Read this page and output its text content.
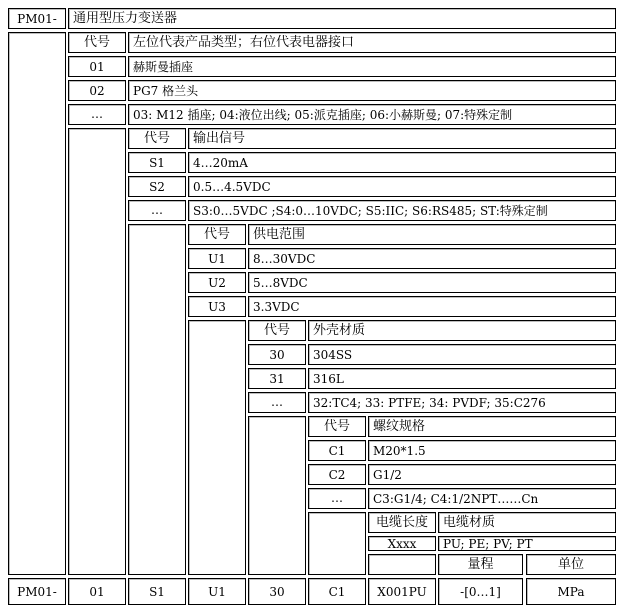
PM01-	通用型压力变送器
代号	左位代表产品类型；右位代表电器接口
01	赫斯曼插座
02	PG7 格兰头
…	03: M12 插座; 04:液位出线; 05:派克插座; 06:小赫斯曼; 07:特殊定制
代号	输出信号
S1	4…20mA
S2	0.5…4.5VDC
…	S3:0…5VDC ;S4:0…10VDC; S5:IIC; S6:RS485; ST:特殊定制
代号	供电范围
U1	8…30VDC
U2	5…8VDC
U3	3.3VDC
代号	外壳材质
30	304SS
31	316L
…	32:TC4; 33: PTFE; 34: PVDF; 35:C276
代号	螺纹规格
C1	M20*1.5
C2	G1/2
…	C3:G1/4; C4:1/2NPT……Cn
电缆长度	电缆材质
Xxxx	PU; PE; PV; PT
量程	单位
PM01-	01	S1	U1	30	C1	X001PU	-[0…1]	MPa
